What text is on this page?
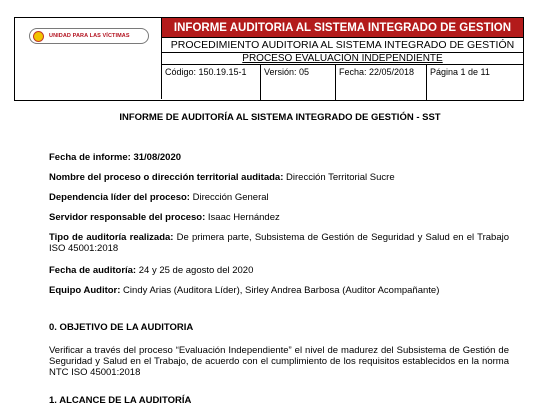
UNIDAD PARA LAS VÍCTIMAS
INFORME AUDITORIA AL SISTEMA INTEGRADO DE GESTION
PROCEDIMIENTO AUDITORIA AL SISTEMA INTEGRADO DE GESTIÓN
PROCESO EVALUACIÓN INDEPENDIENTE
Código: 150.19.15-1	Versión: 05	Fecha: 22/05/2018	Página 1 de 11
INFORME DE AUDITORÍA AL SISTEMA INTEGRADO DE GESTIÓN - SST
Fecha de informe: 31/08/2020
Nombre del proceso o dirección territorial auditada: Dirección Territorial Sucre
Dependencia líder del proceso: Dirección General
Servidor responsable del proceso: Isaac Hernández
Tipo de auditoría realizada: De primera parte, Subsistema de Gestión de Seguridad y Salud en el Trabajo ISO 45001:2018
Fecha de auditoría: 24 y 25 de agosto del 2020
Equipo Auditor: Cindy Arias (Auditora Líder), Sirley Andrea Barbosa (Auditor Acompañante)
0. OBJETIVO DE LA AUDITORIA
Verificar a través del proceso “Evaluación Independiente” el nivel de madurez del Subsistema de Gestión de Seguridad y Salud en el Trabajo, de acuerdo con el cumplimiento de los requisitos establecidos en la norma NTC ISO 45001:2018
1. ALCANCE DE LA AUDITORÍA
